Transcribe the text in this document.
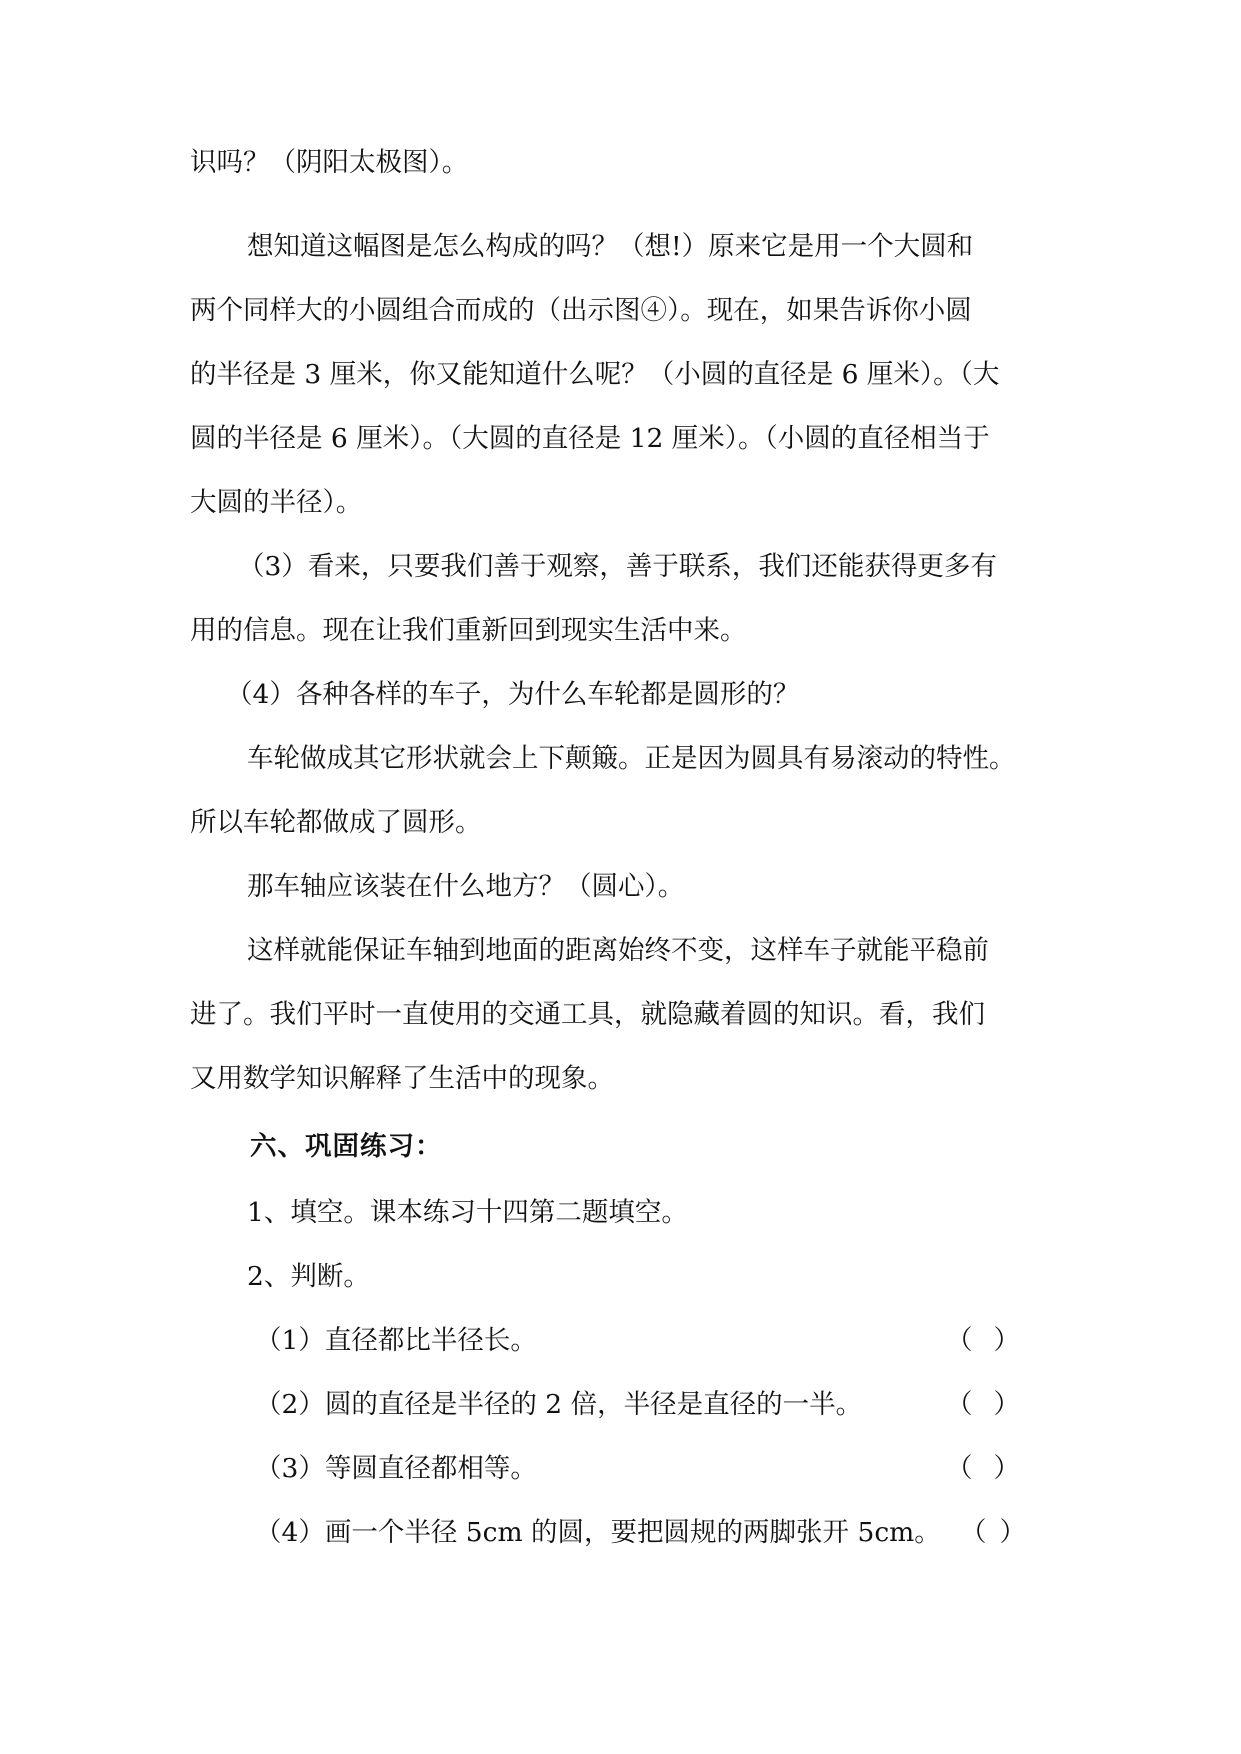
识吗？（阴阳太极图）。
想知道这幅图是怎么构成的吗？（想!）原来它是用一个大圆和
两个同样大的小圆组合而成的（出示图④）。现在，如果告诉你小圆
的半径是 3 厘米，你又能知道什么呢？（小圆的直径是 6 厘米）。（大
圆的半径是 6 厘米）。（大圆的直径是 12 厘米）。（小圆的直径相当于
大圆的半径）。
（3）看来，只要我们善于观察，善于联系，我们还能获得更多有
用的信息。现在让我们重新回到现实生活中来。
（4）各种各样的车子，为什么车轮都是圆形的？
车轮做成其它形状就会上下颠簸。正是因为圆具有易滚动的特性。
所以车轮都做成了圆形。
那车轴应该装在什么地方？（圆心）。
这样就能保证车轴到地面的距离始终不变，这样车子就能平稳前
进了。我们平时一直使用的交通工具，就隐藏着圆的知识。看，我们
又用数学知识解释了生活中的现象。
六、巩固练习：
1、填空。课本练习十四第二题填空。
2、判断。
（1）直径都比半径长。	（ ）
（2）圆的直径是半径的 2 倍，半径是直径的一半。	（ ）
（3）等圆直径都相等。	（ ）
（4）画一个半径 5cm 的圆，要把圆规的两脚张开 5cm。 （ ）
